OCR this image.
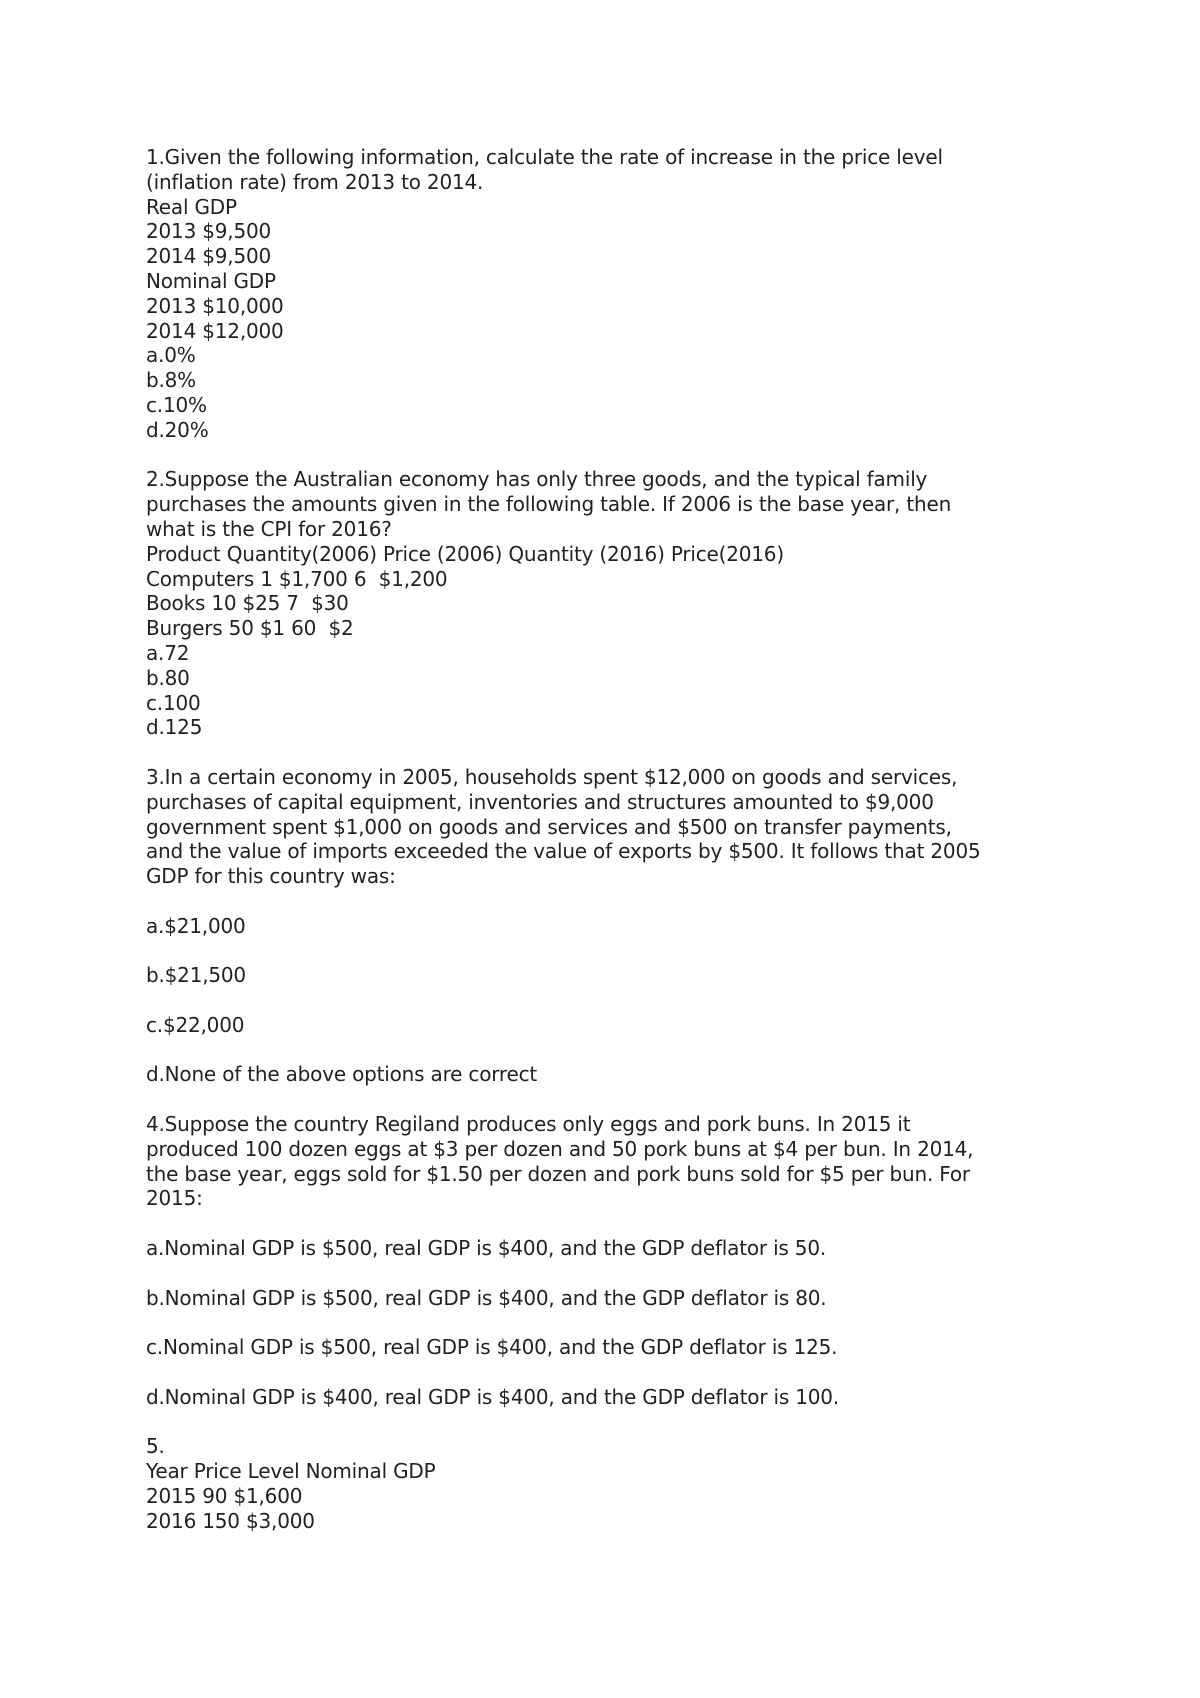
1.Given the following information, calculate the rate of increase in the price level
(inflation rate) from 2013 to 2014.
Real GDP
2013 $9,500
2014 $9,500
Nominal GDP
2013 $10,000
2014 $12,000
a.0%
b.8%
c.10%
d.20%
2.Suppose the Australian economy has only three goods, and the typical family
purchases the amounts given in the following table. If 2006 is the base year, then
what is the CPI for 2016?
Product Quantity(2006) Price (2006) Quantity (2016) Price(2016)
Computers 1 $1,700 6  $1,200
Books 10 $25 7  $30
Burgers 50 $1 60  $2
a.72
b.80
c.100
d.125
3.In a certain economy in 2005, households spent $12,000 on goods and services,
purchases of capital equipment, inventories and structures amounted to $9,000
government spent $1,000 on goods and services and $500 on transfer payments,
and the value of imports exceeded the value of exports by $500. It follows that 2005
GDP for this country was:
a.$21,000
b.$21,500
c.$22,000
d.None of the above options are correct
4.Suppose the country Regiland produces only eggs and pork buns. In 2015 it
produced 100 dozen eggs at $3 per dozen and 50 pork buns at $4 per bun. In 2014,
the base year, eggs sold for $1.50 per dozen and pork buns sold for $5 per bun. For
2015:
a.Nominal GDP is $500, real GDP is $400, and the GDP deflator is 50.
b.Nominal GDP is $500, real GDP is $400, and the GDP deflator is 80.
c.Nominal GDP is $500, real GDP is $400, and the GDP deflator is 125.
d.Nominal GDP is $400, real GDP is $400, and the GDP deflator is 100.
5.
Year Price Level Nominal GDP
2015 90 $1,600
2016 150 $3,000
